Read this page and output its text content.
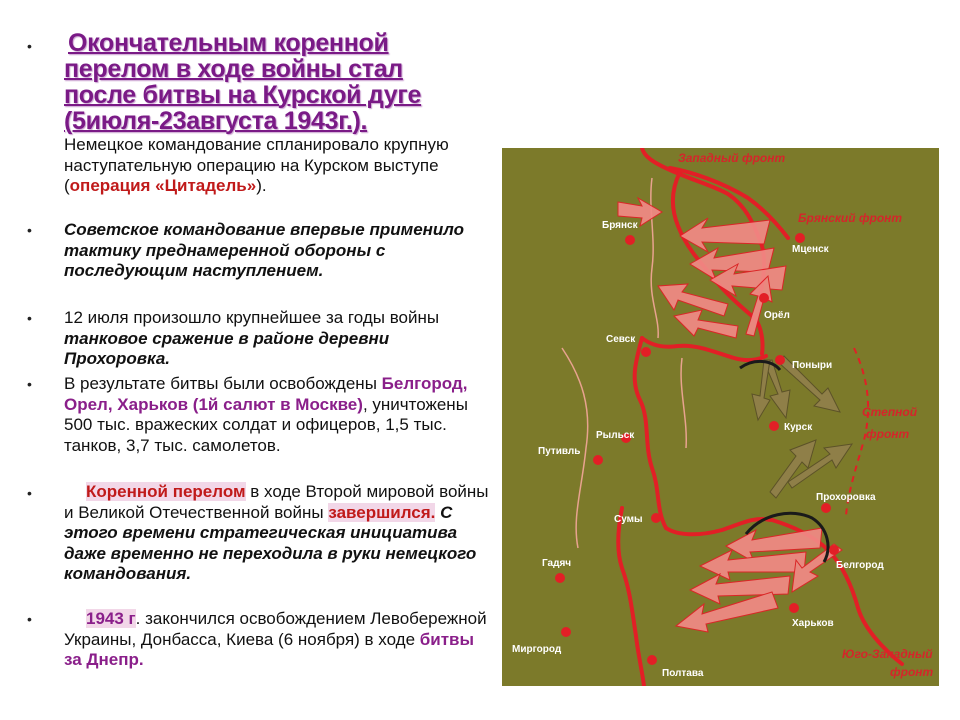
• Окончательным коренной
перелом в ходе войны стал
после битвы на Курской дуге
(5июля-23августа 1943г.).
Немецкое командование спланировало крупную наступательную операцию на Курском выступе (операция «Цитадель»).
• Советское командование впервые применило тактику преднамеренной обороны с последующим наступлением.
• 12 июля произошло крупнейшее за годы войны танковое сражение в районе деревни Прохоровка.
• В результате битвы были освобождены Белгород, Орел, Харьков (1й салют в Москве), уничтожены 500 тыс. вражеских солдат и офицеров, 1,5 тыс. танков, 3,7 тыс. самолетов.
•	Коренной перелом в ходе Второй мировой войны и Великой Отечественной войны завершился. С этого времени стратегическая инициатива даже временно не переходила в руки немецкого командования.
•	1943 г. закончился освобождением Левобережной Украины, Донбасса, Киева (6 ноября) в ходе битвы за Днепр.
Брянск
Мценск
Орёл
Севск
Поныри
Курск
Рыльск
Путивль
Прохоровка
Сумы
Белгород
Гадяч
Харьков
Миргород
Полтава
Западный фронт
Брянский фронт
Степной
фронт
Юго-Западный
фронт
